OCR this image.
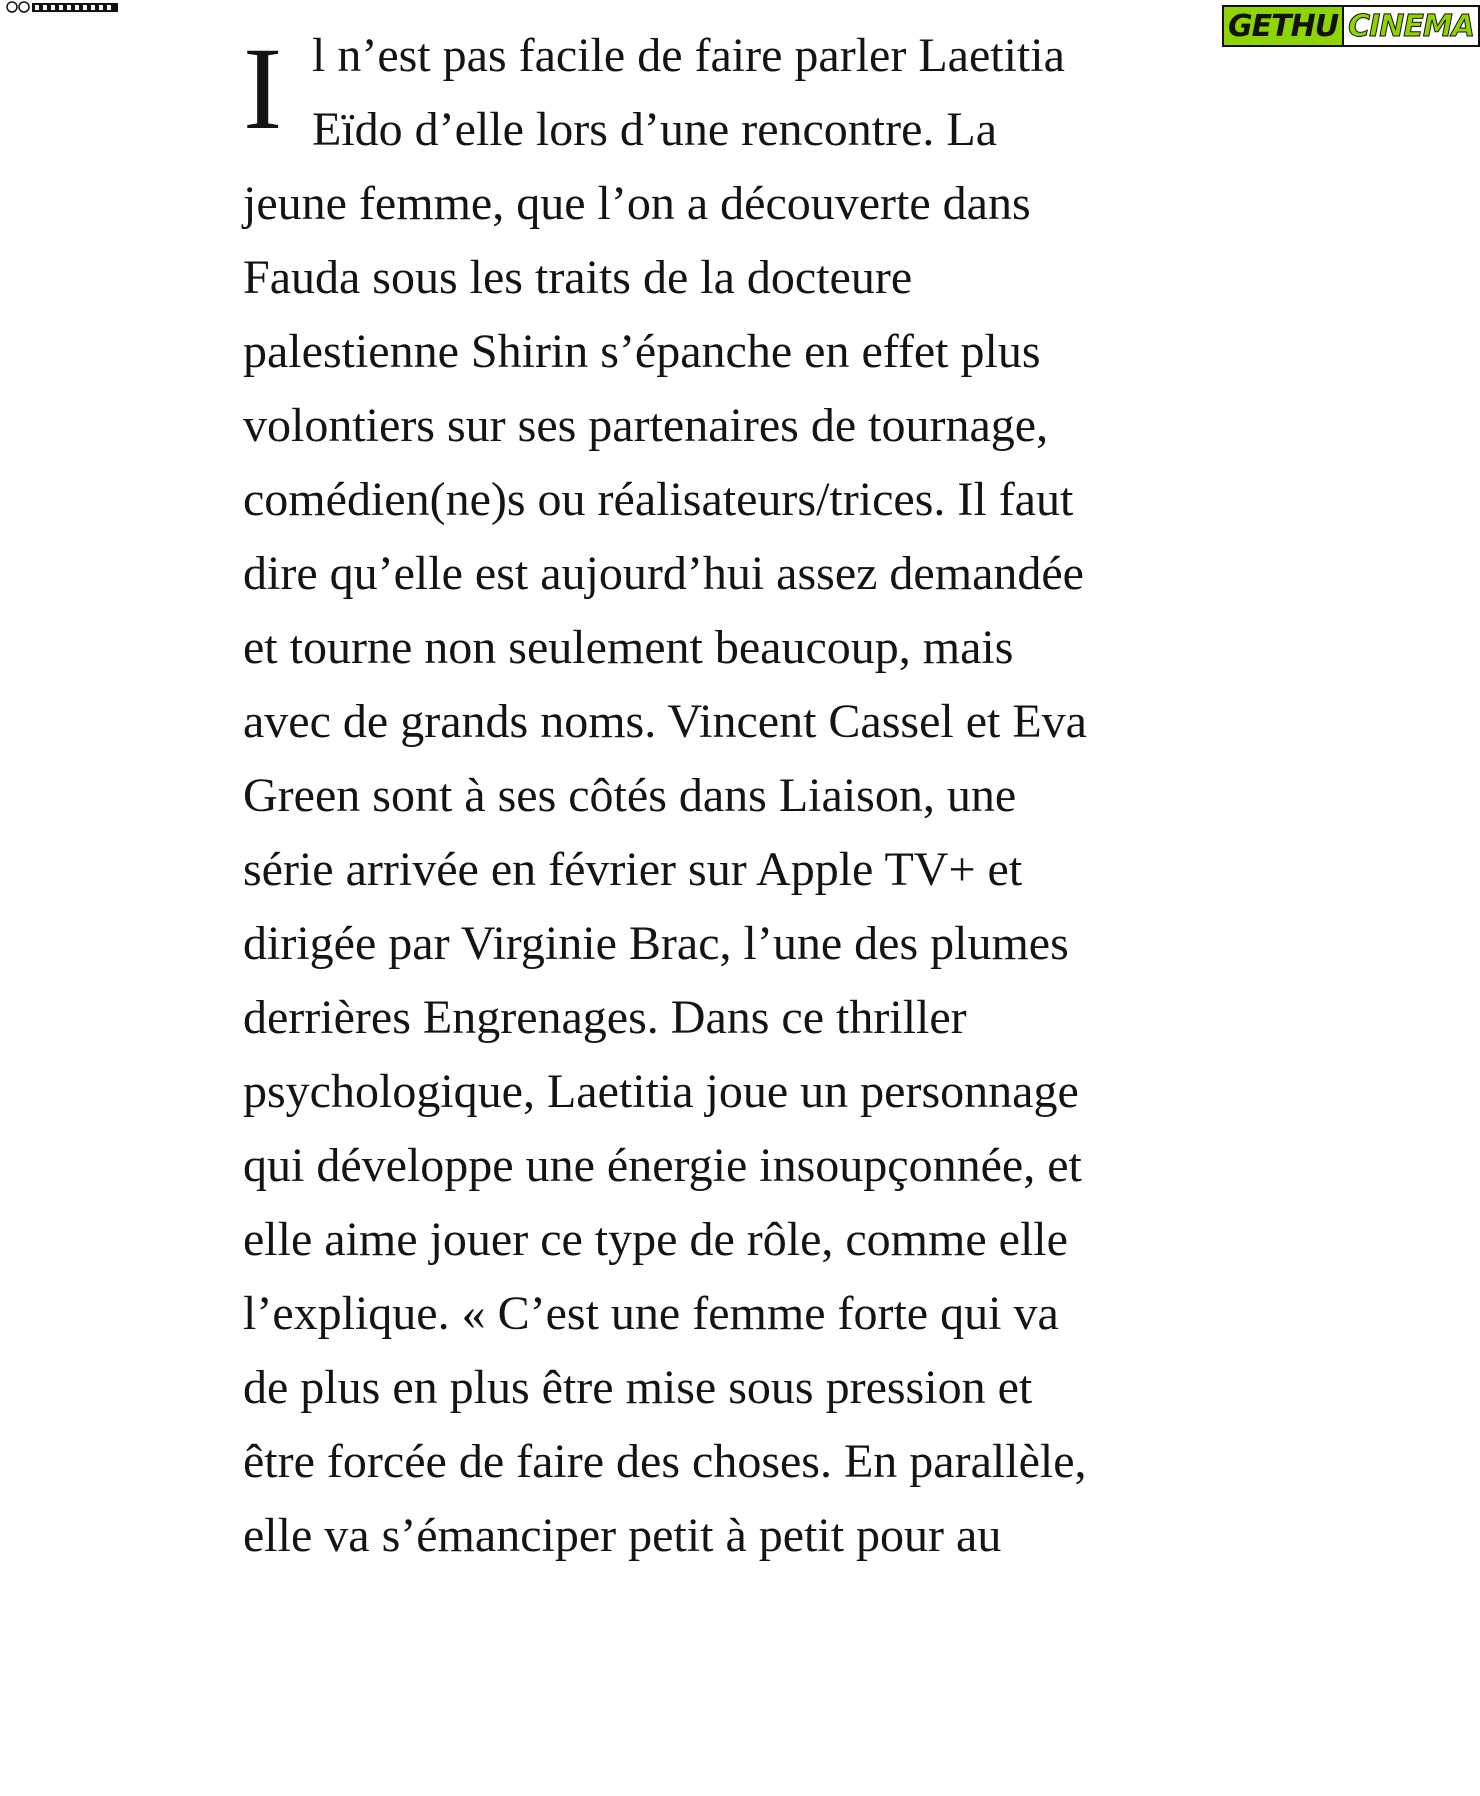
I l n’est pas facile de faire parler Laetitia
Eïdo d’elle lors d’une rencontre. La
jeune femme, que l’on a découverte dans
Fauda sous les traits de la docteure
palestienne Shirin s’épanche en effet plus
volontiers sur ses partenaires de tournage,
comédien(ne)s ou réalisateurs/trices. Il faut
dire qu’elle est aujourd’hui assez demandée
et tourne non seulement beaucoup, mais
avec de grands noms. Vincent Cassel et Eva
Green sont à ses côtés dans Liaison, une
série arrivée en février sur Apple TV+ et
dirigée par Virginie Brac, l’une des plumes
derrières Engrenages. Dans ce thriller
psychologique, Laetitia joue un personnage
qui développe une énergie insoupçonnée, et
elle aime jouer ce type de rôle, comme elle
l’explique. « C’est une femme forte qui va
de plus en plus être mise sous pression et
être forcée de faire des choses. En parallèle,
elle va s’émanciper petit à petit pour au
GETHU CINEMA
